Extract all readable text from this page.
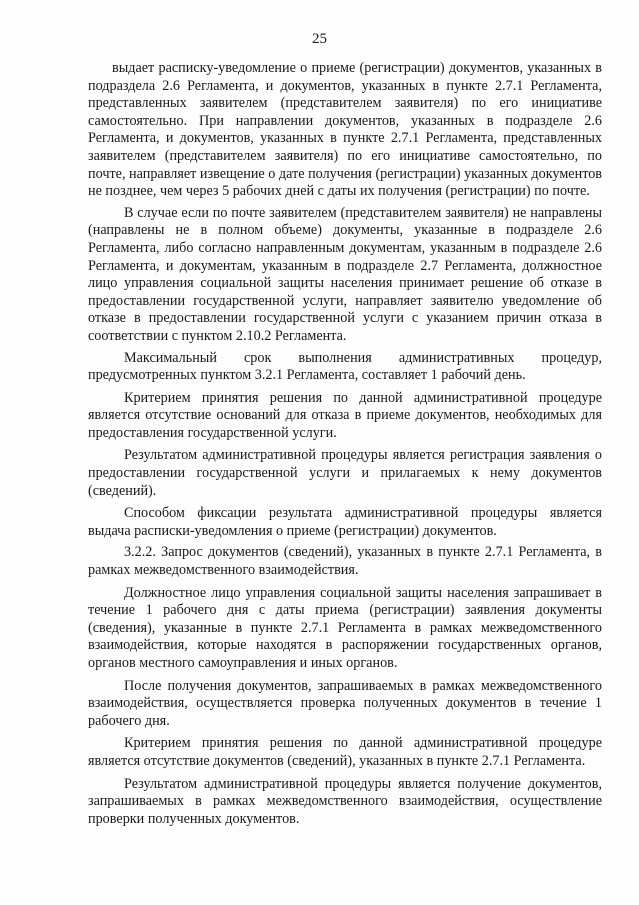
25

выдает расписку-уведомление о приеме (регистрации) документов, указанных в подраздела 2.6 Регламента, и документов, указанных в пункте 2.7.1 Регламента, представленных заявителем (представителем заявителя) по его инициативе самостоятельно. При направлении документов, указанных в подразделе 2.6 Регламента, и документов, указанных в пункте 2.7.1 Регламента, представленных заявителем (представителем заявителя) по его инициативе самостоятельно, по почте, направляет извещение о дате получения (регистрации) указанных документов не позднее, чем через 5 рабочих дней с даты их получения (регистрации) по почте.

В случае если по почте заявителем (представителем заявителя) не направлены (направлены не в полном объеме) документы, указанные в подразделе 2.6 Регламента, либо согласно направленным документам, указанным в подразделе 2.6 Регламента, и документам, указанным в подразделе 2.7 Регламента, должностное лицо управления социальной защиты населения принимает решение об отказе в предоставлении государственной услуги, направляет заявителю уведомление об отказе в предоставлении государственной услуги с указанием причин отказа в соответствии с пунктом 2.10.2 Регламента.

Максимальный срок выполнения административных процедур, предусмотренных пунктом 3.2.1 Регламента, составляет 1 рабочий день.

Критерием принятия решения по данной административной процедуре является отсутствие оснований для отказа в приеме документов, необходимых для предоставления государственной услуги.

Результатом административной процедуры является регистрация заявления о предоставлении государственной услуги и прилагаемых к нему документов (сведений).

Способом фиксации результата административной процедуры является выдача расписки-уведомления о приеме (регистрации) документов.

3.2.2. Запрос документов (сведений), указанных в пункте 2.7.1 Регламента, в рамках межведомственного взаимодействия.

Должностное лицо управления социальной защиты населения запрашивает в течение 1 рабочего дня с даты приема (регистрации) заявления документы (сведения), указанные в пункте 2.7.1 Регламента в рамках межведомственного взаимодействия, которые находятся в распоряжении государственных органов, органов местного самоуправления и иных органов.

После получения документов, запрашиваемых в рамках межведомственного взаимодействия, осуществляется проверка полученных документов в течение 1 рабочего дня.

Критерием принятия решения по данной административной процедуре является отсутствие документов (сведений), указанных в пункте 2.7.1 Регламента.

Результатом административной процедуры является получение документов, запрашиваемых в рамках межведомственного взаимодействия, осуществление проверки полученных документов.
